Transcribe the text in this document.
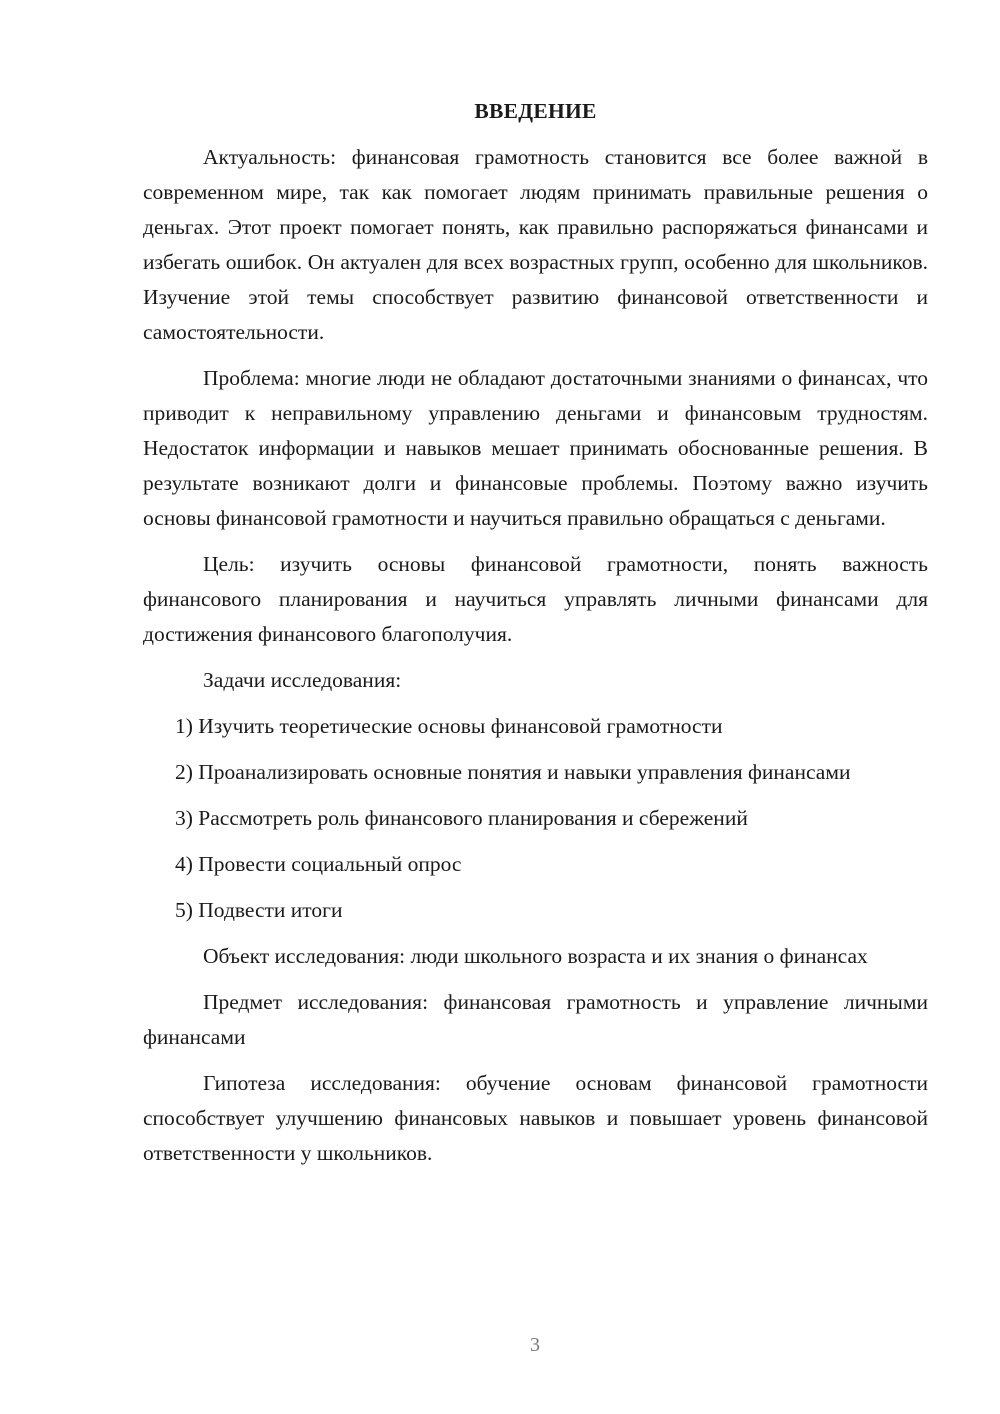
ВВЕДЕНИЕ

Актуальность: финансовая грамотность становится все более важной в современном мире, так как помогает людям принимать правильные решения о деньгах. Этот проект помогает понять, как правильно распоряжаться финансами и избегать ошибок. Он актуален для всех возрастных групп, особенно для школьников. Изучение этой темы способствует развитию финансовой ответственности и самостоятельности.

Проблема: многие люди не обладают достаточными знаниями о финансах, что приводит к неправильному управлению деньгами и финансовым трудностям. Недостаток информации и навыков мешает принимать обоснованные решения. В результате возникают долги и финансовые проблемы. Поэтому важно изучить основы финансовой грамотности и научиться правильно обращаться с деньгами.

Цель: изучить основы финансовой грамотности, понять важность финансового планирования и научиться управлять личными финансами для достижения финансового благополучия.

Задачи исследования:

1) Изучить теоретические основы финансовой грамотности

2) Проанализировать основные понятия и навыки управления финансами

3) Рассмотреть роль финансового планирования и сбережений

4) Провести социальный опрос

5) Подвести итоги

Объект исследования: люди школьного возраста и их знания о финансах

Предмет исследования: финансовая грамотность и управление личными финансами

Гипотеза исследования: обучение основам финансовой грамотности способствует улучшению финансовых навыков и повышает уровень финансовой ответственности у школьников.

3
